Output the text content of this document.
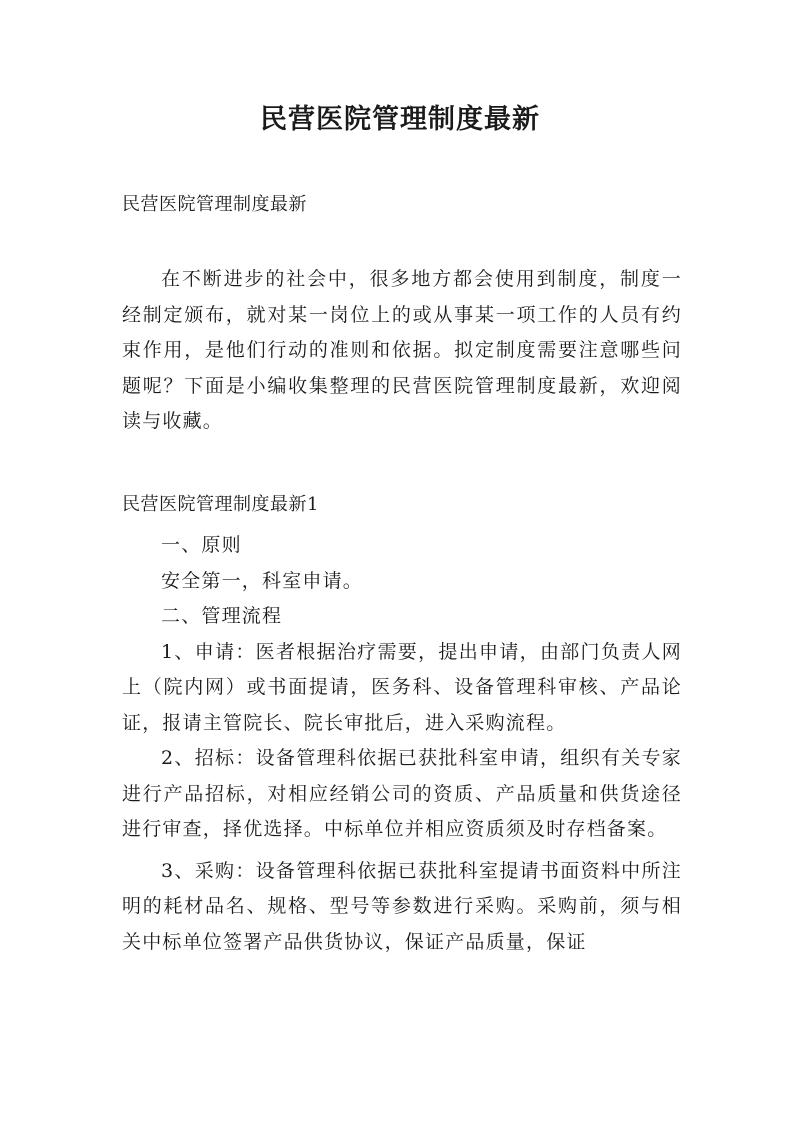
民营医院管理制度最新

民营医院管理制度最新

在不断进步的社会中，很多地方都会使用到制度，制度一经制定颁布，就对某一岗位上的或从事某一项工作的人员有约束作用，是他们行动的准则和依据。拟定制度需要注意哪些问题呢？下面是小编收集整理的民营医院管理制度最新，欢迎阅读与收藏。

民营医院管理制度最新1

一、原则

安全第一，科室申请。

二、管理流程

1、申请：医者根据治疗需要，提出申请，由部门负责人网上（院内网）或书面提请，医务科、设备管理科审核、产品论证，报请主管院长、院长审批后，进入采购流程。

2、招标：设备管理科依据已获批科室申请，组织有关专家进行产品招标，对相应经销公司的资质、产品质量和供货途径进行审查，择优选择。中标单位并相应资质须及时存档备案。

3、采购：设备管理科依据已获批科室提请书面资料中所注明的耗材品名、规格、型号等参数进行采购。采购前，须与相关中标单位签署产品供货协议，保证产品质量，保证
